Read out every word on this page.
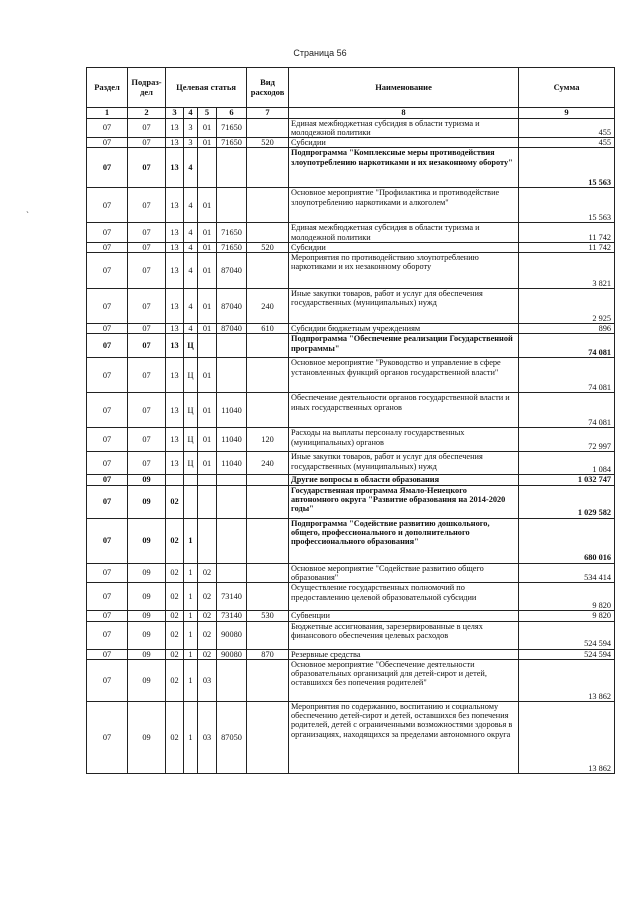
Страница 56
`
Раздел	Подраз-дел	Целевая статья				Вид расходов	Наименование	Сумма
1	2	3	4	5	6	7	8	9
07	07	13	3	01	71650		Единая межбюджетная субсидия в области туризма и молодежной политики	455
07	07	13	3	01	71650	520	Субсидии	455
07	07	13	4				Подпрограмма "Комплексные меры противодействия злоупотреблению наркотиками и их незаконному обороту"	15 563
07	07	13	4	01			Основное мероприятие "Профилактика и противодействие злоупотреблению наркотиками и алкоголем"	15 563
07	07	13	4	01	71650		Единая межбюджетная субсидия в области туризма и молодежной политики	11 742
07	07	13	4	01	71650	520	Субсидии	11 742
07	07	13	4	01	87040		Мероприятия по противодействию злоупотреблению наркотиками и их незаконному обороту	3 821
07	07	13	4	01	87040	240	Иные закупки товаров, работ и услуг для обеспечения государственных (муниципальных) нужд	2 925
07	07	13	4	01	87040	610	Субсидии бюджетным учреждениям	896
07	07	13	Ц				Подпрограмма "Обеспечение реализации Государственной программы"	74 081
07	07	13	Ц	01			Основное мероприятие "Руководство и управление в сфере установленных функций органов государственной власти"	74 081
07	07	13	Ц	01	11040		Обеспечение деятельности органов государственной власти и иных государственных органов	74 081
07	07	13	Ц	01	11040	120	Расходы на выплаты персоналу государственных (муниципальных) органов	72 997
07	07	13	Ц	01	11040	240	Иные закупки товаров, работ и услуг для обеспечения государственных (муниципальных) нужд	1 084
07	09						Другие вопросы в области образования	1 032 747
07	09	02					Государственная программа Ямало-Ненецкого автономного округа "Развитие образования на 2014-2020 годы"	1 029 582
07	09	02	1				Подпрограмма "Содействие развитию дошкольного, общего, профессионального и дополнительного профессионального образования"	680 016
07	09	02	1	02			Основное мероприятие "Содействие развитию общего образования"	534 414
07	09	02	1	02	73140		Осуществление государственных полномочий по предоставлению целевой образовательной субсидии	9 820
07	09	02	1	02	73140	530	Субвенции	9 820
07	09	02	1	02	90080		Бюджетные ассигнования, зарезервированные в целях финансового обеспечения целевых расходов	524 594
07	09	02	1	02	90080	870	Резервные средства	524 594
07	09	02	1	03			Основное мероприятие "Обеспечение деятельности образовательных организаций для детей-сирот и детей, оставшихся без попечения родителей"	13 862
07	09	02	1	03	87050		Мероприятия по содержанию, воспитанию и социальному обеспечению детей-сирот и детей, оставшихся без попечения родителей, детей с ограниченными возможностями здоровья в организациях, находящихся за пределами автономного округа	13 862
